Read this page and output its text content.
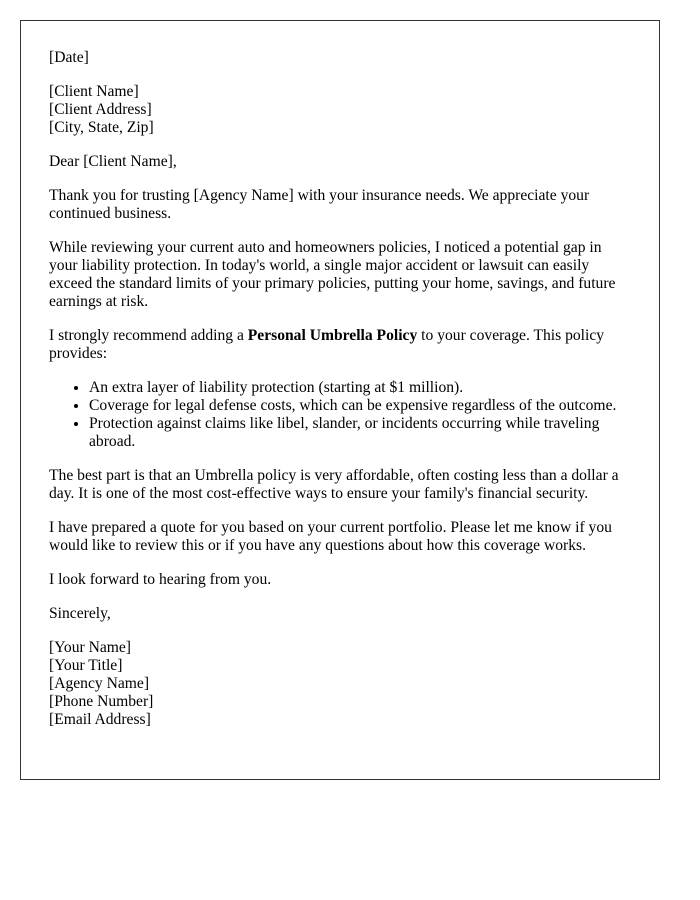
[Date]
[Client Name]
[Client Address]
[City, State, Zip]

Dear [Client Name],

Thank you for trusting [Agency Name] with your insurance needs. We appreciate your continued business.

While reviewing your current auto and homeowners policies, I noticed a potential gap in your liability protection. In today's world, a single major accident or lawsuit can easily exceed the standard limits of your primary policies, putting your home, savings, and future earnings at risk.

I strongly recommend adding a Personal Umbrella Policy to your coverage. This policy provides:

• An extra layer of liability protection (starting at $1 million).
• Coverage for legal defense costs, which can be expensive regardless of the outcome.
• Protection against claims like libel, slander, or incidents occurring while traveling abroad.

The best part is that an Umbrella policy is very affordable, often costing less than a dollar a day. It is one of the most cost-effective ways to ensure your family's financial security.

I have prepared a quote for you based on your current portfolio. Please let me know if you would like to review this or if you have any questions about how this coverage works.

I look forward to hearing from you.

Sincerely,

[Your Name]
[Your Title]
[Agency Name]
[Phone Number]
[Email Address]
